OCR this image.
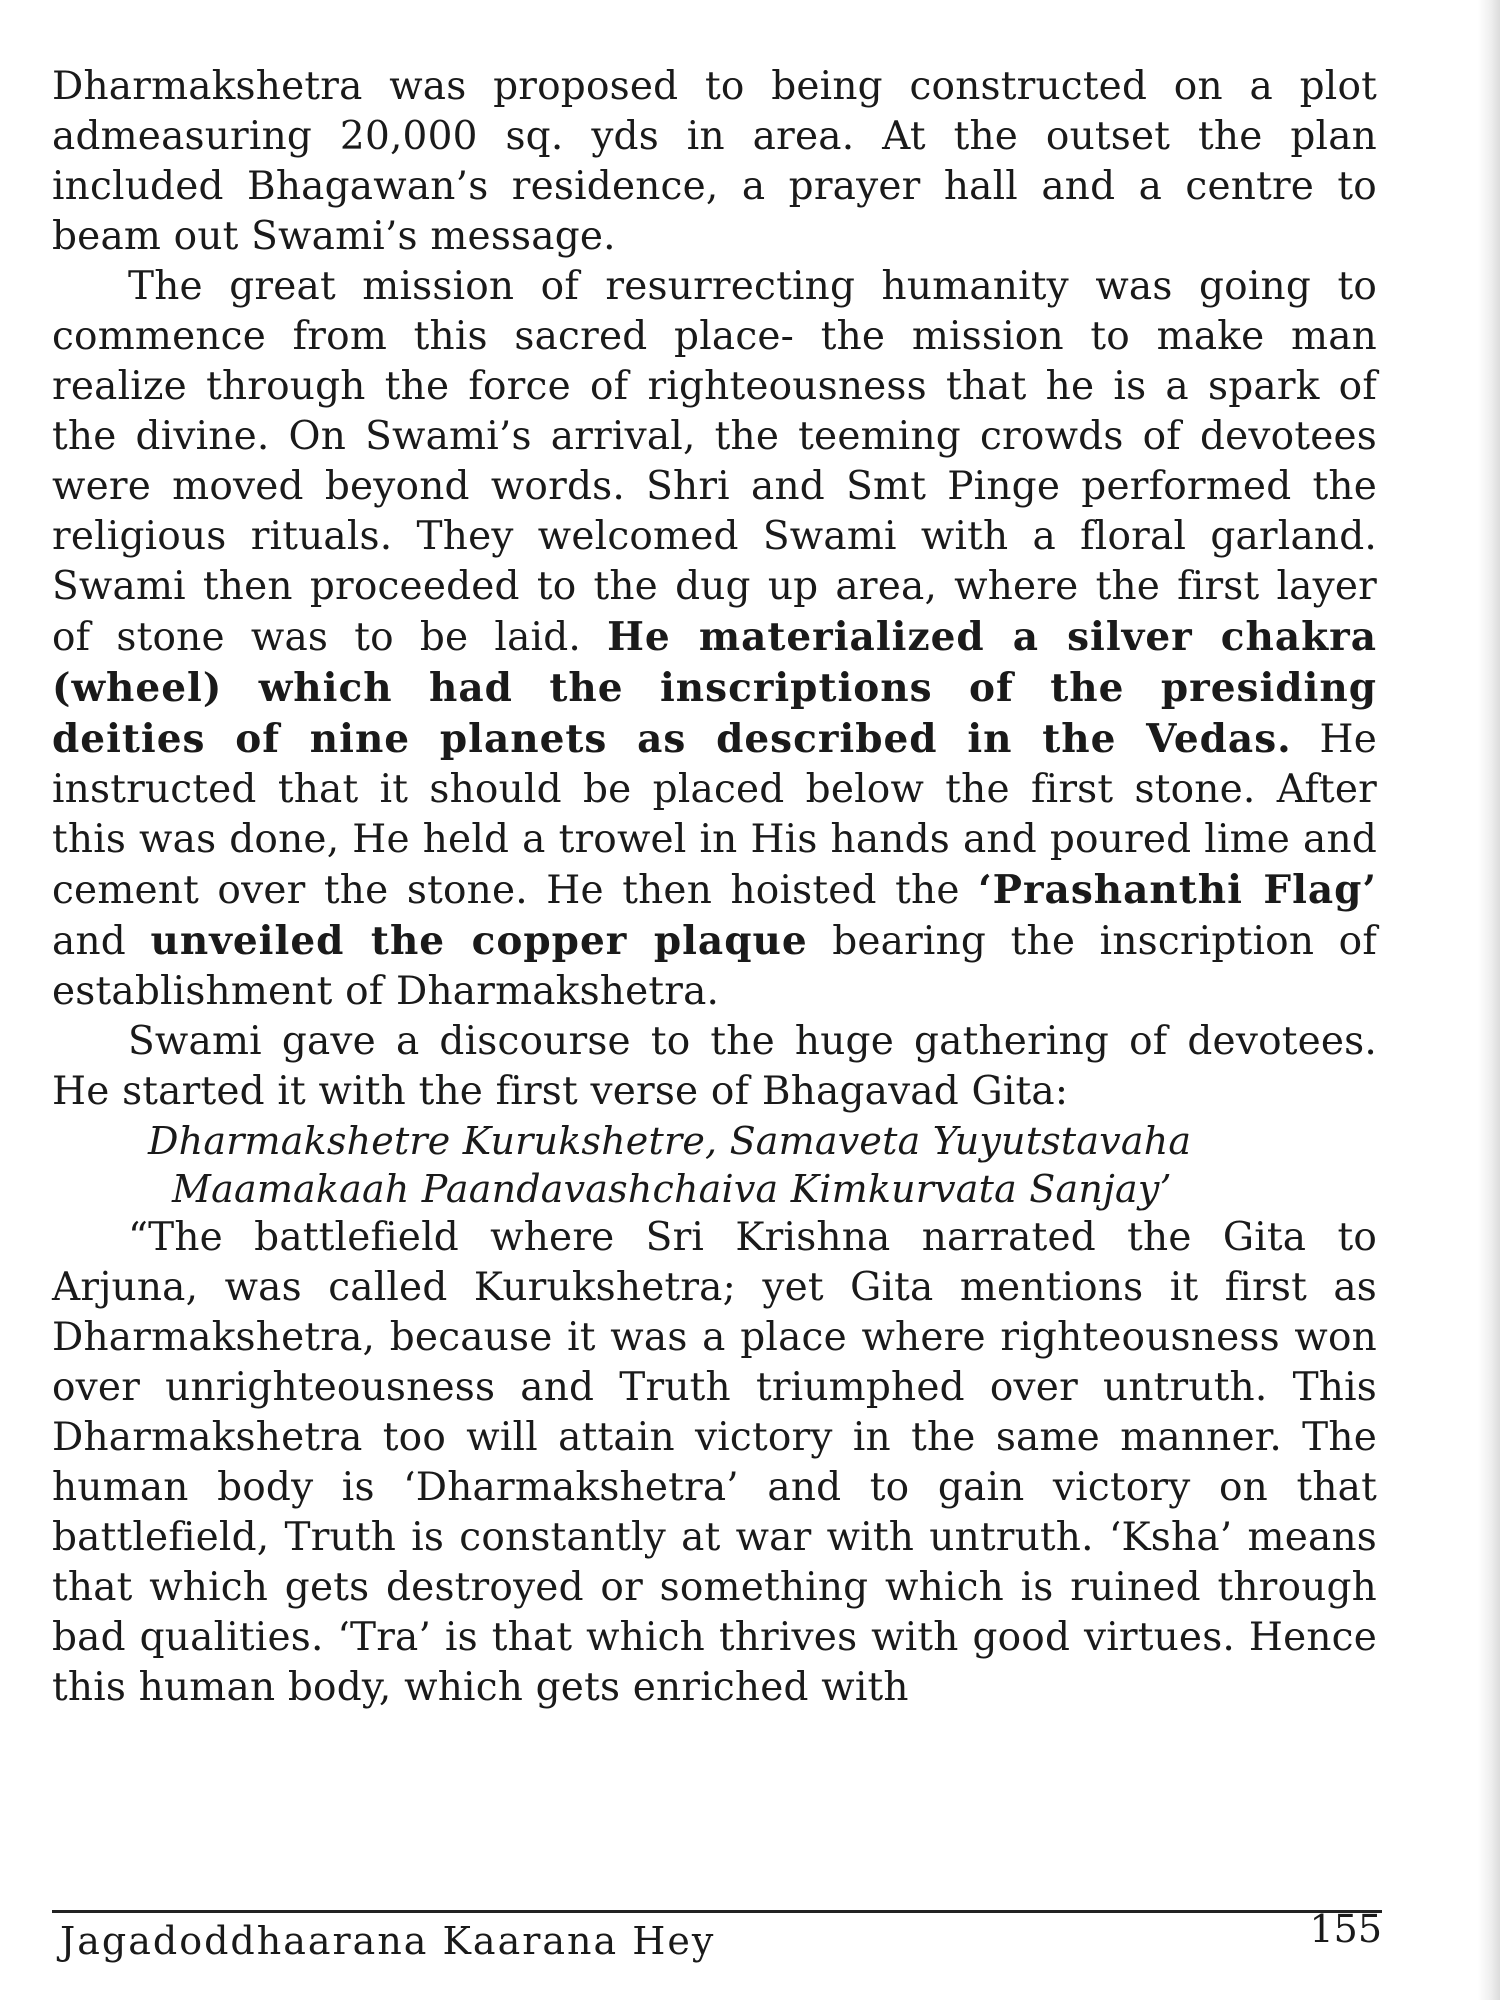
Dharmakshetra was proposed to being constructed on a plot admeasuring 20,000 sq. yds in area. At the outset the plan included Bhagawan’s residence, a prayer hall and a centre to beam out Swami’s message.

The great mission of resurrecting humanity was going to commence from this sacred place- the mission to make man realize through the force of righteousness that he is a spark of the divine. On Swami’s arrival, the teeming crowds of devotees were moved beyond words. Shri and Smt Pinge performed the religious rituals. They welcomed Swami with a floral garland. Swami then proceeded to the dug up area, where the first layer of stone was to be laid. He materialized a silver chakra (wheel) which had the inscriptions of the presiding deities of nine planets as described in the Vedas. He instructed that it should be placed below the first stone. After this was done, He held a trowel in His hands and poured lime and cement over the stone. He then hoisted the ‘Prashanthi Flag’ and unveiled the copper plaque bearing the inscription of establishment of Dharmakshetra.

Swami gave a discourse to the huge gathering of devotees. He started it with the first verse of Bhagavad Gita:

Dharmakshetre Kurukshetre, Samaveta Yuyutstavaha

Maamakaah Paandavashchaiva Kimkurvata Sanjay’

“The battlefield where Sri Krishna narrated the Gita to Arjuna, was called Kurukshetra; yet Gita mentions it first as Dharmakshetra, because it was a place where righteousness won over unrighteousness and Truth triumphed over untruth. This Dharmakshetra too will attain victory in the same manner. The human body is ‘Dharmakshetra’ and to gain victory on that battlefield, Truth is constantly at war with untruth. ‘Ksha’ means that which gets destroyed or something which is ruined through bad qualities. ‘Tra’ is that which thrives with good virtues. Hence this human body, which gets enriched with

Jagadoddhaarana Kaarana Hey	155
